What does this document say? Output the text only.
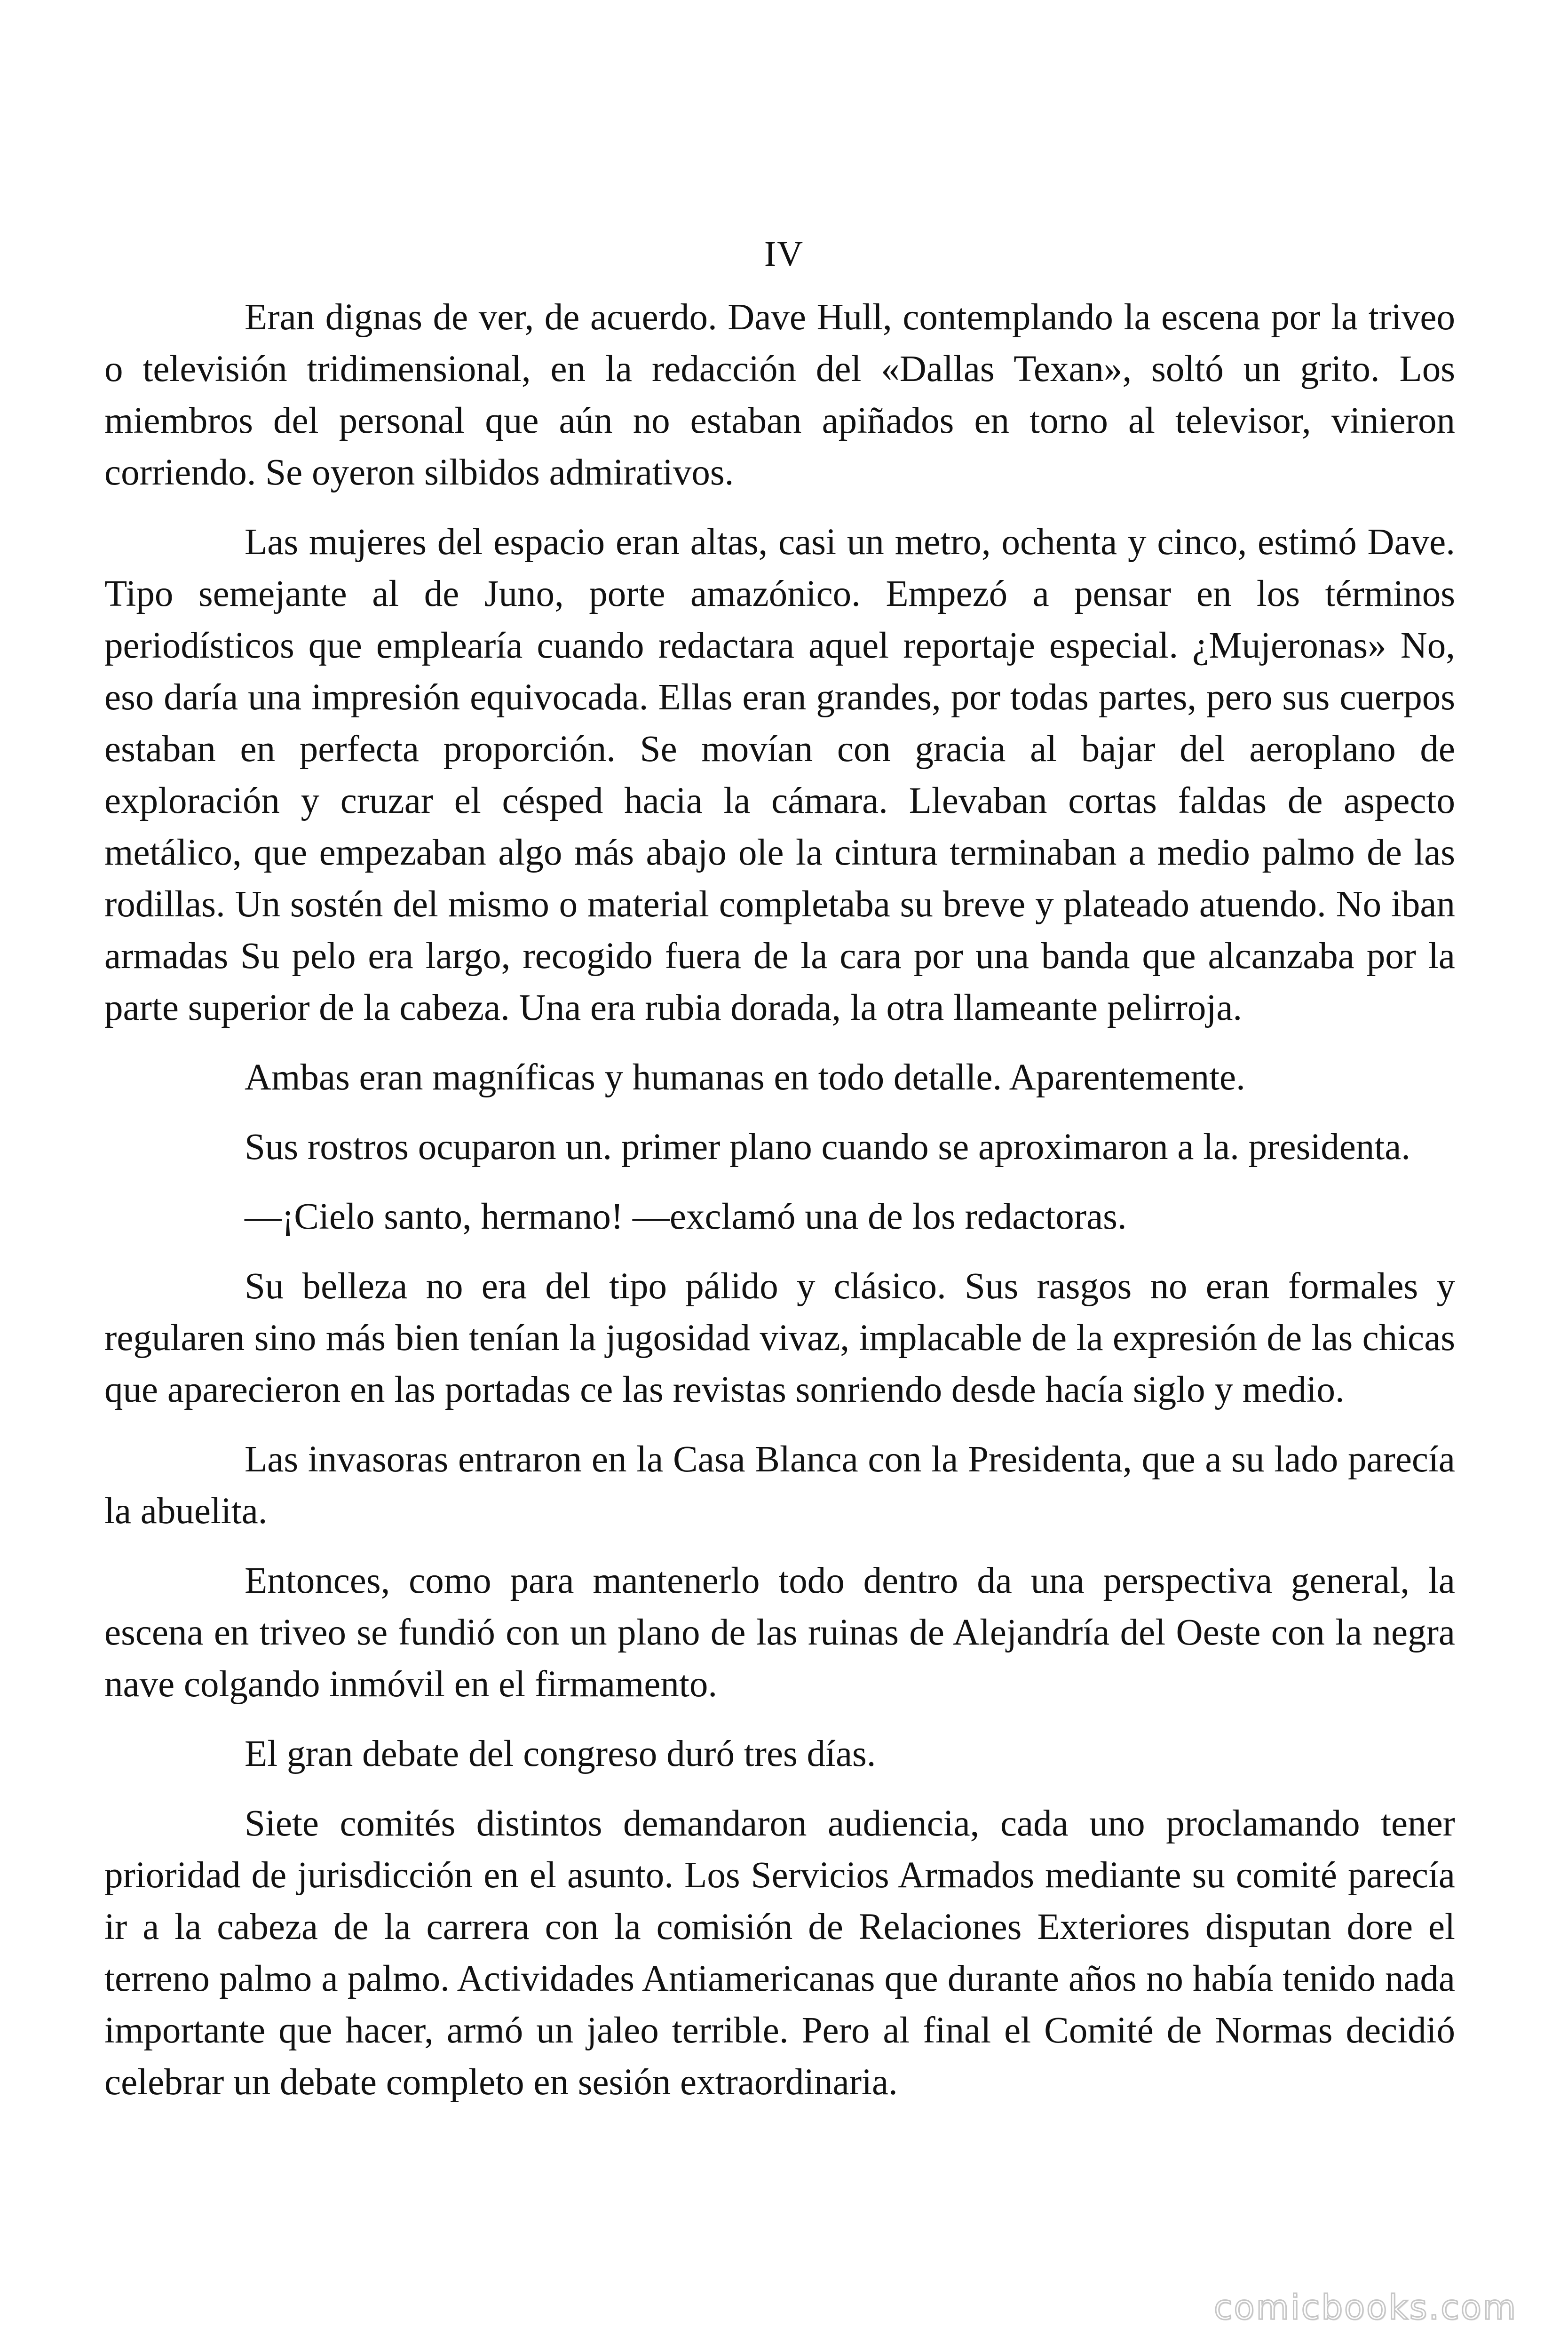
IV

Eran dignas de ver, de acuerdo. Dave Hull, contemplando la escena por la triveo o televisión tridimensional, en la redacción del «Dallas Texan», soltó un grito. Los miembros del personal que aún no estaban apiñados en torno al televisor, vinieron corriendo. Se oyeron silbidos admirativos.

Las mujeres del espacio eran altas, casi un metro, ochenta y cinco, estimó Dave. Tipo semejante al de Juno, porte amazónico. Empezó a pensar en los términos periodísticos que emplearía cuando redactara aquel reportaje especial. ¿Mujeronas» No, eso daría una impresión equivocada. Ellas eran grandes, por todas partes, pero sus cuerpos estaban en perfecta proporción. Se movían con gracia al bajar del aeroplano de exploración y cruzar el césped hacia la cámara. Llevaban cortas faldas de aspecto metálico, que empezaban algo más abajo ole la cintura terminaban a medio palmo de las rodillas. Un sostén del mismo o material completaba su breve y plateado atuendo. No iban armadas Su pelo era largo, recogido fuera de la cara por una banda que alcanzaba por la parte superior de la cabeza. Una era rubia dorada, la otra llameante pelirroja.

Ambas eran magníficas y humanas en todo detalle. Aparentemente.

Sus rostros ocuparon un. primer plano cuando se aproximaron a la. presidenta.

—¡Cielo santo, hermano! —exclamó una de los redactoras.

Su belleza no era del tipo pálido y clásico. Sus rasgos no eran formales y regularen sino más bien tenían la jugosidad vivaz, implacable de la expresión de las chicas que aparecieron en las portadas ce las revistas sonriendo desde hacía siglo y medio.

Las invasoras entraron en la Casa Blanca con la Presidenta, que a su lado parecía la abuelita.

Entonces, como para mantenerlo todo dentro da una perspectiva general, la escena en triveo se fundió con un plano de las ruinas de Alejandría del Oeste con la negra nave colgando inmóvil en el firmamento.

El gran debate del congreso duró tres días.

Siete comités distintos demandaron audiencia, cada uno proclamando tener prioridad de jurisdicción en el asunto. Los Servicios Armados mediante su comité parecía ir a la cabeza de la carrera con la comisión de Relaciones Exteriores disputan dore el terreno palmo a palmo. Actividades Antiamericanas que durante años no había tenido nada importante que hacer, armó un jaleo terrible. Pero al final el Comité de Normas decidió celebrar un debate completo en sesión extraordinaria.

comicbooks.com
